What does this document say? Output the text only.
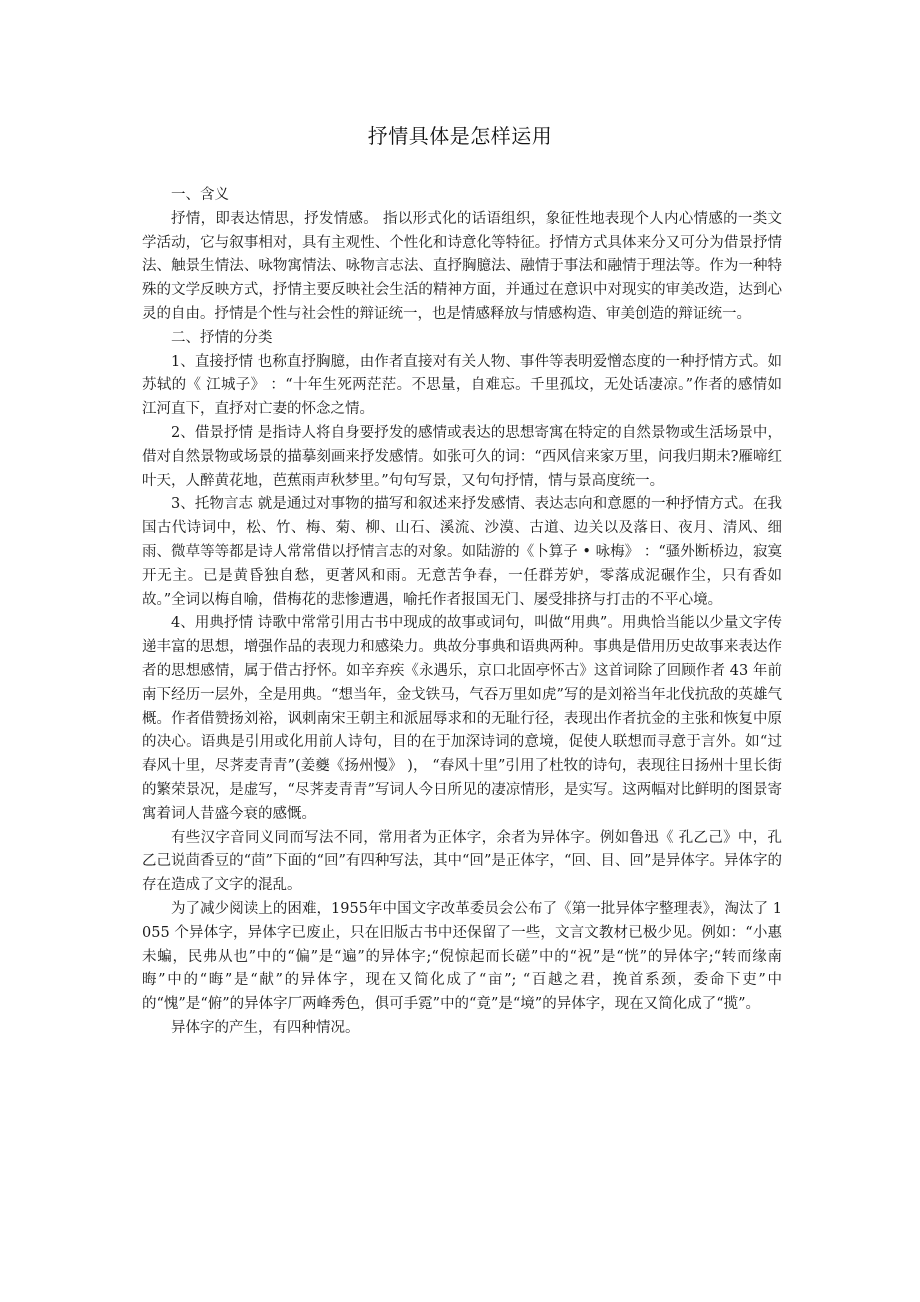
抒情具体是怎样运用

一、含义

抒情，即表达情思，抒发情感。 指以形式化的话语组织，象征性地表现个人内心情感的一类文学活动，它与叙事相对，具有主观性、个性化和诗意化等特征。抒情方式具体来分又可分为借景抒情法、触景生情法、咏物寓情法、咏物言志法、直抒胸臆法、融情于事法和融情于理法等。作为一种特殊的文学反映方式，抒情主要反映社会生活的精神方面，并通过在意识中对现实的审美改造，达到心灵的自由。抒情是个性与社会性的辩证统一，也是情感释放与情感构造、审美创造的辩证统一。

二、抒情的分类

1、直接抒情 也称直抒胸臆，由作者直接对有关人物、事件等表明爱憎态度的一种抒情方式。如苏轼的《 江城子》 ：“十年生死两茫茫。不思量，自难忘。千里孤坟，无处话凄凉。”作者的感情如江河直下，直抒对亡妻的怀念之情。

2、借景抒情 是指诗人将自身要抒发的感情或表达的思想寄寓在特定的自然景物或生活场景中，借对自然景物或场景的描摹刻画来抒发感情。如张可久的词：“西风信来家万里，问我归期未?雁啼红叶天，人醉黄花地，芭蕉雨声秋梦里。”句句写景，又句句抒情，情与景高度统一。

3、托物言志 就是通过对事物的描写和叙述来抒发感情、表达志向和意愿的一种抒情方式。在我国古代诗词中，松、竹、梅、菊、柳、山石、溪流、沙漠、古道、边关以及落日、夜月、清风、细雨、微草等等都是诗人常常借以抒情言志的对象。如陆游的《卜算子 • 咏梅》 ：“骚外断桥边，寂寞开无主。已是黄昏独自愁，更著风和雨。无意苦争春，一任群芳妒，零落成泥碾作尘，只有香如故。”全词以梅自喻，借梅花的悲惨遭遇，喻托作者报国无门、屡受排挤与打击的不平心境。

4、用典抒情 诗歌中常常引用古书中现成的故事或词句，叫做“用典”。用典恰当能以少量文字传递丰富的思想，增强作品的表现力和感染力。典故分事典和语典两种。事典是借用历史故事来表达作者的思想感情，属于借古抒怀。如辛弃疾《永遇乐，京口北固亭怀古》这首词除了回顾作者 43 年前南下经历一层外，全是用典。“想当年，金戈铁马，气吞万里如虎”写的是刘裕当年北伐抗敌的英雄气概。作者借赞扬刘裕，讽刺南宋王朝主和派屈辱求和的无耻行径，表现出作者抗金的主张和恢复中原的决心。语典是引用或化用前人诗句，目的在于加深诗词的意境，促使人联想而寻意于言外。如“过春风十里，尽荠麦青青”(姜夔《扬州慢》 )， “春风十里”引用了杜牧的诗句，表现往日扬州十里长街的繁荣景况，是虚写，“尽荠麦青青”写词人今日所见的凄凉情形，是实写。这两幅对比鲜明的图景寄寓着词人昔盛今衰的感慨。

有些汉字音同义同而写法不同，常用者为正体字，余者为异体字。例如鲁迅《 孔乙己》中，孔乙己说茴香豆的“茴”下面的“回”有四种写法，其中“回”是正体字，“回、目、回”是异体字。异体字的存在造成了文字的混乱。

为了减少阅读上的困难，1955年中国文字改革委员会公布了《第一批异体字整理表》，淘汰了 1 055 个异体字，异体字已废止，只在旧版古书中还保留了一些，文言文教材已极少见。例如：“小惠未蝙，民弗从也”中的“偏”是“遍”的异体字;“倪惊起而长磋”中的“祝”是“恍”的异体字;“转而缘南晦”中的“晦”是“献”的异体字，现在又简化成了“亩”; “百越之君，挽首系颈，委命下吏”中的“愧”是“俯”的异体字厂两峰秀色，俱可手霓”中的“竟”是“境”的异体字，现在又简化成了“揽”。

异体字的产生，有四种情况。
